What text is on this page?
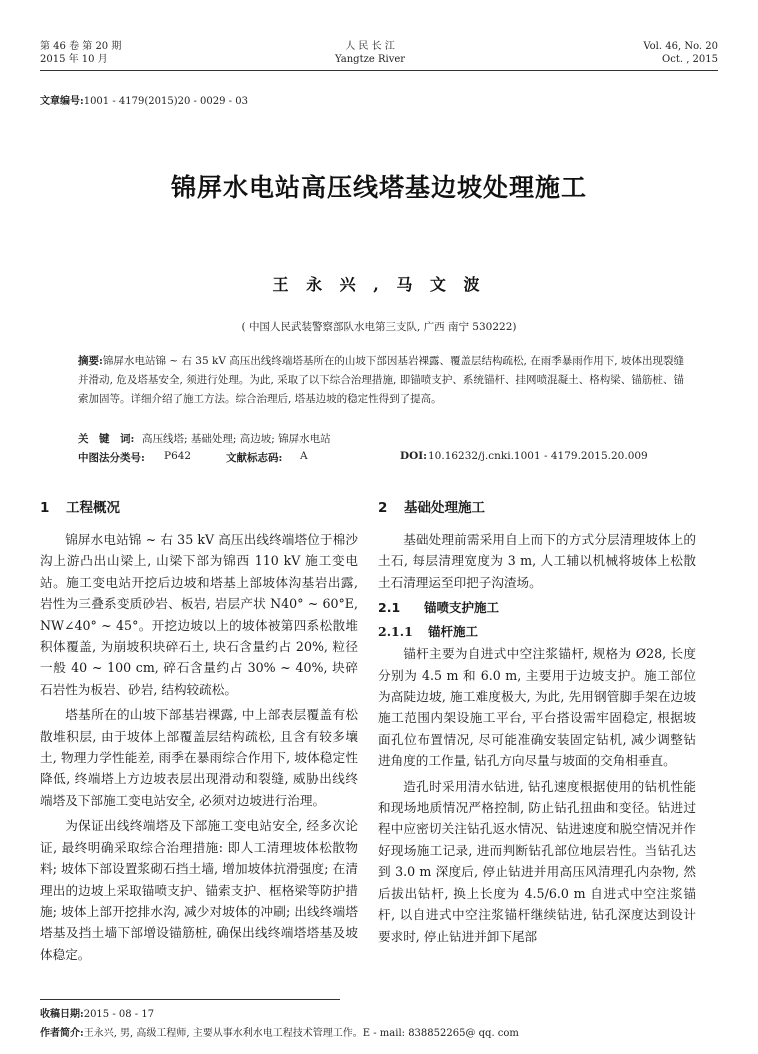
第 46 卷 第 20 期
2015 年 10 月
人 民 长 江
Yangtze River
Vol. 46, No. 20
Oct. , 2015
文章编号:1001 - 4179(2015)20 - 0029 - 03
锦屏水电站高压线塔基边坡处理施工
王 永 兴 , 马 文 波
( 中国人民武装警察部队水电第三支队, 广西 南宁 530222)
摘要:锦屏水电站锦 ~ 右 35 kV 高压出线终端塔基所在的山坡下部因基岩裸露、覆盖层结构疏松, 在雨季暴雨作用下, 坡体出现裂缝并滑动, 危及塔基安全, 须进行处理。为此, 采取了以下综合治理措施, 即锚喷支护、系统锚杆、挂网喷混凝土、格构梁、锚筋桩、锚索加固等。详细介绍了施工方法。综合治理后, 塔基边坡的稳定性得到了提高。
关　键　词: 高压线塔; 基础处理; 高边坡; 锦屏水电站
中图法分类号: P642	文献标志码: A	DOI: 10.16232/j.cnki.1001 - 4179.2015.20.009
1 工程概况

锦屏水电站锦 ~ 右 35 kV 高压出线终端塔位于棉沙沟上游凸出山梁上, 山梁下部为锦西 110 kV 施工变电站。施工变电站开挖后边坡和塔基上部坡体沟基岩出露, 岩性为三叠系变质砂岩、板岩, 岩层产状 N40° ~ 60°E, NW∠40° ~ 45°。开挖边坡以上的坡体被第四系松散堆积体覆盖, 为崩坡积块碎石土, 块石含量约占 20%, 粒径一般 40 ~ 100 cm, 碎石含量约占 30% ~ 40%, 块碎石岩性为板岩、砂岩, 结构较疏松。

塔基所在的山坡下部基岩裸露, 中上部表层覆盖有松散堆积层, 由于坡体上部覆盖层结构疏松, 且含有较多壤土, 物理力学性能差, 雨季在暴雨综合作用下, 坡体稳定性降低, 终端塔上方边坡表层出现滑动和裂缝, 威胁出线终端塔及下部施工变电站安全, 必须对边坡进行治理。

为保证出线终端塔及下部施工变电站安全, 经多次论证, 最终明确采取综合治理措施: 即人工清理坡体松散物料; 坡体下部设置浆砌石挡土墙, 增加坡体抗滑强度; 在清理出的边坡上采取锚喷支护、锚索支护、框格梁等防护措施; 坡体上部开挖排水沟, 减少对坡体的冲刷; 出线终端塔塔基及挡土墙下部增设锚筋桩, 确保出线终端塔塔基及坡体稳定。

2 基础处理施工

基础处理前需采用自上而下的方式分层清理坡体上的土石, 每层清理宽度为 3 m, 人工辅以机械将坡体上松散土石清理运至印把子沟渣场。

2.1 锚喷支护施工
2.1.1 锚杆施工

锚杆主要为自进式中空注浆锚杆, 规格为 Ø28, 长度分别为 4.5 m 和 6.0 m, 主要用于边坡支护。施工部位为高陡边坡, 施工难度极大, 为此, 先用钢管脚手架在边坡施工范围内架设施工平台, 平台搭设需牢固稳定, 根据坡面孔位布置情况, 尽可能准确安装固定钻机, 减少调整钻进角度的工作量, 钻孔方向尽量与坡面的交角相垂直。

造孔时采用清水钻进, 钻孔速度根据使用的钻机性能和现场地质情况严格控制, 防止钻孔扭曲和变径。钻进过程中应密切关注钻孔返水情况、钻进速度和脱空情况并作好现场施工记录, 进而判断钻孔部位地层岩性。当钻孔达到 3.0 m 深度后, 停止钻进并用高压风清理孔内杂物, 然后拔出钻杆, 换上长度为 4.5/6.0 m 自进式中空注浆锚杆, 以自进式中空注浆锚杆继续钻进, 钻孔深度达到设计要求时, 停止钻进并卸下尾部

收稿日期:2015 - 08 - 17
作者简介:王永兴, 男, 高级工程师, 主要从事水利水电工程技术管理工作。E - mail: 838852265@ qq. com
